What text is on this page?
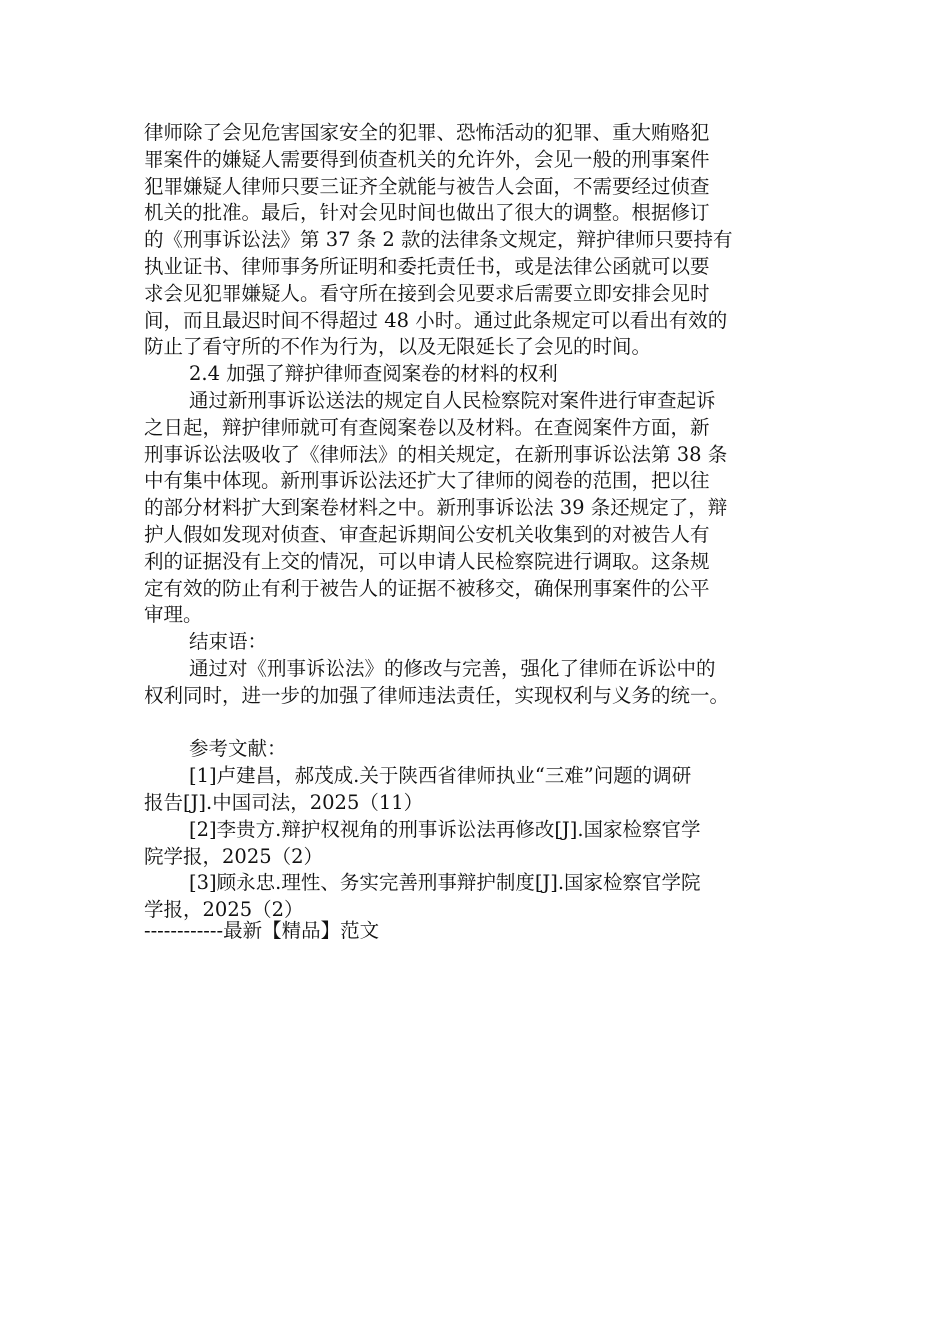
律师除了会见危害国家安全的犯罪、恐怖活动的犯罪、重大贿赂犯
罪案件的嫌疑人需要得到侦查机关的允许外，会见一般的刑事案件
犯罪嫌疑人律师只要三证齐全就能与被告人会面，不需要经过侦查
机关的批准。最后，针对会见时间也做出了很大的调整。根据修订
的《刑事诉讼法》第 37 条 2 款的法律条文规定，辩护律师只要持有
执业证书、律师事务所证明和委托责任书，或是法律公函就可以要
求会见犯罪嫌疑人。看守所在接到会见要求后需要立即安排会见时
间，而且最迟时间不得超过 48 小时。通过此条规定可以看出有效的
防止了看守所的不作为行为，以及无限延长了会见的时间。
2.4 加强了辩护律师查阅案卷的材料的权利
通过新刑事诉讼送法的规定自人民检察院对案件进行审查起诉
之日起，辩护律师就可有查阅案卷以及材料。在查阅案件方面，新
刑事诉讼法吸收了《律师法》的相关规定，在新刑事诉讼法第 38 条
中有集中体现。新刑事诉讼法还扩大了律师的阅卷的范围，把以往
的部分材料扩大到案卷材料之中。新刑事诉讼法 39 条还规定了，辩
护人假如发现对侦查、审查起诉期间公安机关收集到的对被告人有
利的证据没有上交的情况，可以申请人民检察院进行调取。这条规
定有效的防止有利于被告人的证据不被移交，确保刑事案件的公平
审理。
结束语：
通过对《刑事诉讼法》的修改与完善，强化了律师在诉讼中的
权利同时，进一步的加强了律师违法责任，实现权利与义务的统一。
参考文献：
[1]卢建昌，郝茂成.关于陕西省律师执业“三难”问题的调研
报告[J].中国司法，2025（11）
[2]李贵方.辩护权视角的刑事诉讼法再修改[J].国家检察官学
院学报，2025（2）
[3]顾永忠.理性、务实完善刑事辩护制度[J].国家检察官学院
学报，2025（2）
------------最新【精品】范文
